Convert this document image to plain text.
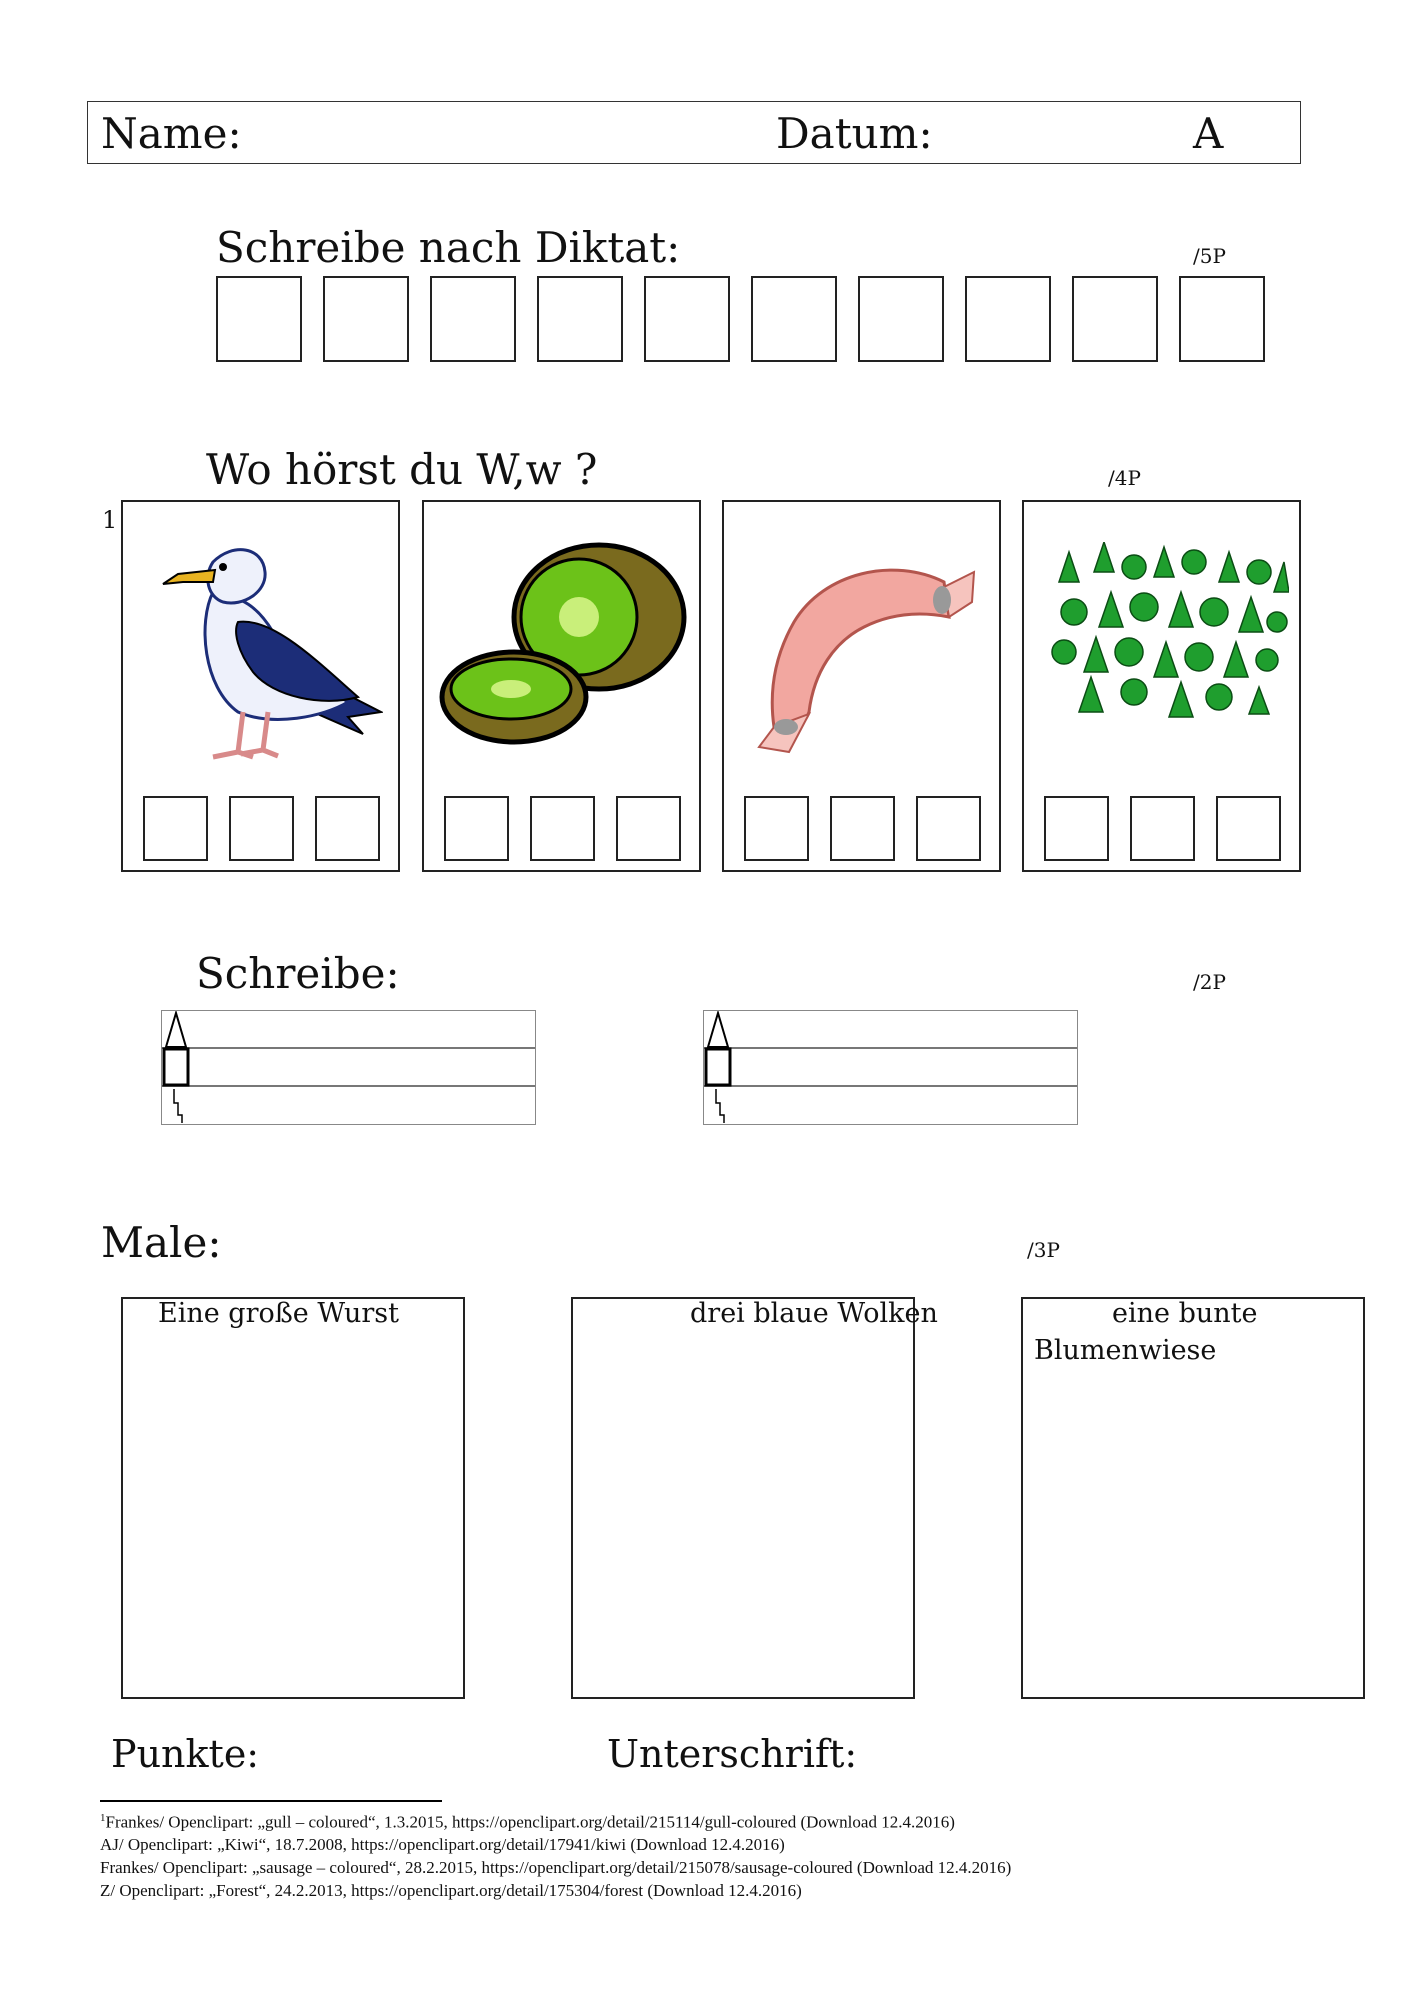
Name:	Datum:	A
Schreibe nach Diktat:	/5P
Wo hörst du W,w ?	/4P
1
Schreibe:	/2P
Male:	/3P
Eine große Wurst	drei blaue Wolken	eine bunte
Blumenwiese
Punkte:	Unterschrift:
$^1$Frankes/ Openclipart: „gull – coloured“, 1.3.2015, https://openclipart.org/detail/215114/gull-coloured (Download 12.4.2016)
AJ/ Openclipart: „Kiwi“, 18.7.2008, https://openclipart.org/detail/17941/kiwi (Download 12.4.2016)
Frankes/ Openclipart: „sausage – coloured“, 28.2.2015, https://openclipart.org/detail/215078/sausage-coloured (Download 12.4.2016)
Z/ Openclipart: „Forest“, 24.2.2013, https://openclipart.org/detail/175304/forest (Download 12.4.2016)
